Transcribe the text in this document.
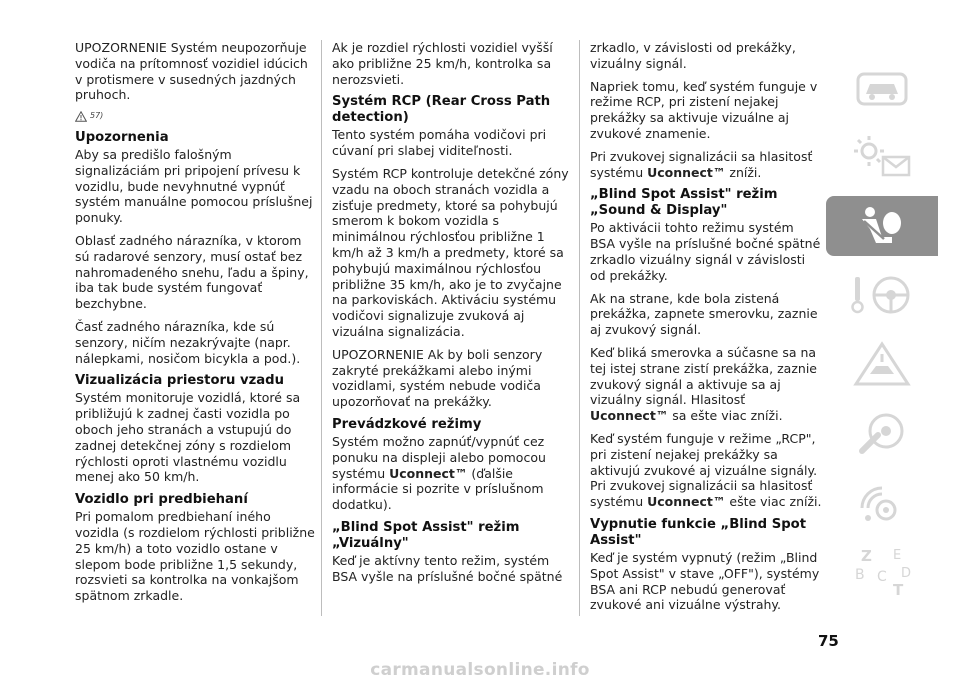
UPOZORNENIE Systém neupozorňuje vodiča na prítomnosť vozidiel idúcich v protismere v susedných jazdných pruhoch.

57)
Upozornenia

Aby sa predišlo falošným signalizáciám pri pripojení prívesu k vozidlu, bude nevyhnutné vypnúť systém manuálne pomocou príslušnej ponuky.

Oblasť zadného nárazníka, v ktorom sú radarové senzory, musí ostať bez nahromadeného snehu, ľadu a špiny, iba tak bude systém fungovať bezchybne.

Časť zadného nárazníka, kde sú senzory, ničím nezakrývajte (napr. nálepkami, nosičom bicykla a pod.).

Vizualizácia priestoru vzadu

Systém monitoruje vozidlá, ktoré sa približujú k zadnej časti vozidla po oboch jeho stranách a vstupujú do zadnej detekčnej zóny s rozdielom rýchlosti oproti vlastnému vozidlu menej ako 50 km/h.

Vozidlo pri predbiehaní

Pri pomalom predbiehaní iného vozidla (s rozdielom rýchlosti približne 25 km/h) a toto vozidlo ostane v slepom bode približne 1,5 sekundy, rozsvieti sa kontrolka na vonkajšom spätnom zrkadle.

Ak je rozdiel rýchlosti vozidiel vyšší ako približne 25 km/h, kontrolka sa nerozsvieti.

Systém RCP (Rear Cross Path detection)

Tento systém pomáha vodičovi pri cúvaní pri slabej viditeľnosti.

Systém RCP kontroluje detekčné zóny vzadu na oboch stranách vozidla a zisťuje predmety, ktoré sa pohybujú smerom k bokom vozidla s minimálnou rýchlosťou približne 1 km/h až 3 km/h a predmety, ktoré sa pohybujú maximálnou rýchlosťou približne 35 km/h, ako je to zvyčajne na parkoviskách. Aktiváciu systému vodičovi signalizuje zvuková aj vizuálna signalizácia.

UPOZORNENIE Ak by boli senzory zakryté prekážkami alebo inými vozidlami, systém nebude vodiča upozorňovať na prekážky.

Prevádzkové režimy

Systém možno zapnúť/vypnúť cez ponuku na displeji alebo pomocou systému Uconnect™ (ďalšie informácie si pozrite v príslušnom dodatku).

„Blind Spot Assist" režim „Vizuálny"

Keď je aktívny tento režim, systém BSA vyšle na príslušné bočné spätné

zrkadlo, v závislosti od prekážky, vizuálny signál.

Napriek tomu, keď systém funguje v režime RCP, pri zistení nejakej prekážky sa aktivuje vizuálne aj zvukové znamenie.

Pri zvukovej signalizácii sa hlasitosť systému Uconnect™ zníži.

„Blind Spot Assist" režim „Sound & Display"

Po aktivácii tohto režimu systém BSA vyšle na príslušné bočné spätné zrkadlo vizuálny signál v závislosti od prekážky.

Ak na strane, kde bola zistená prekážka, zapnete smerovku, zaznie aj zvukový signál.

Keď bliká smerovka a súčasne sa na tej istej strane zistí prekážka, zaznie zvukový signál a aktivuje sa aj vizuálny signál. Hlasitosť Uconnect™ sa ešte viac zníži.

Keď systém funguje v režime „RCP", pri zistení nejakej prekážky sa aktivujú zvukové aj vizuálne signály. Pri zvukovej signalizácii sa hlasitosť systému Uconnect™ ešte viac zníži.

Vypnutie funkcie „Blind Spot Assist"

Keď je systém vypnutý (režim „Blind Spot Assist" v stave „OFF"), systémy BSA ani RCP nebudú generovať zvukové ani vizuálne výstrahy.

75
Z E
B C
T
D
carmanualsonline.info
